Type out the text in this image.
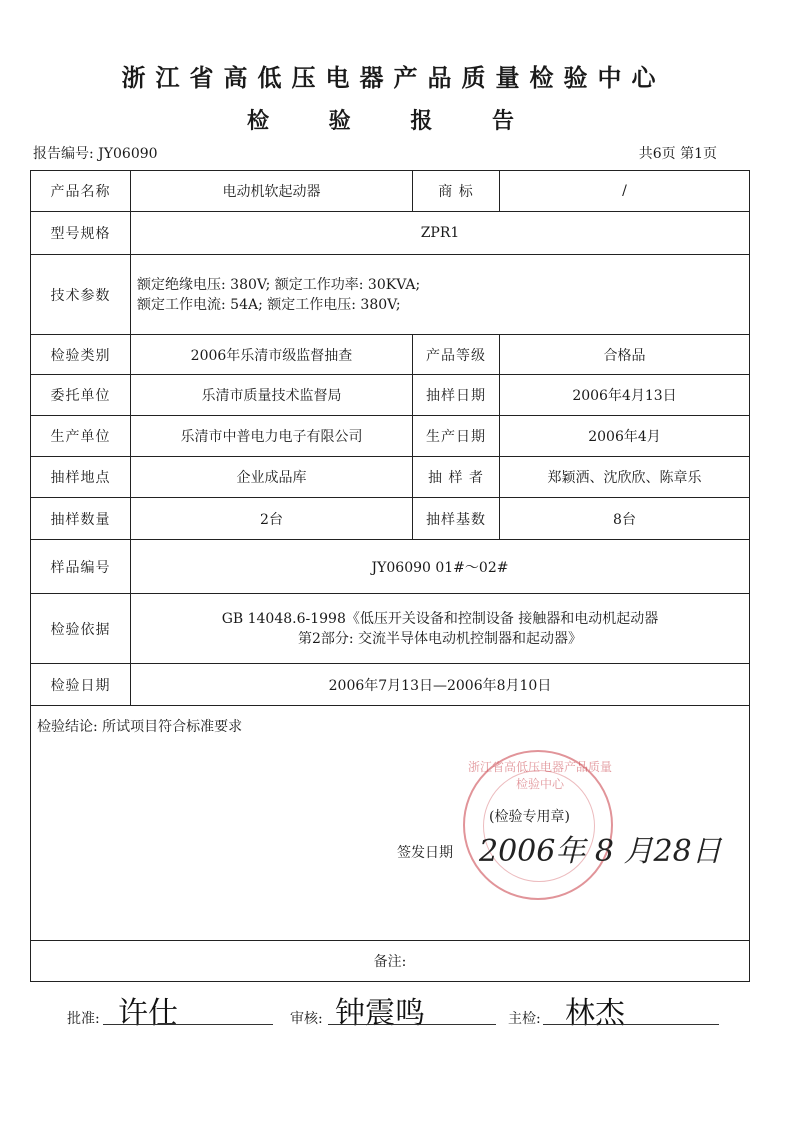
浙江省高低压电器产品质量检验中心
检 验 报 告
报告编号: JY06090	共6页 第1页
产品名称	电动机软起动器	商 标	/
型号规格	ZPR1		
技术参数	额定绝缘电压: 380V; 额定工作功率: 30KVA;
额定工作电流: 54A; 额定工作电压: 380V;		

检验类别	2006年乐清市级监督抽查	产品等级	合格品
委托单位	乐清市质量技术监督局	抽样日期	2006年4月13日
生产单位	乐清市中普电力电子有限公司	生产日期	2006年4月
抽样地点	企业成品库	抽 样 者	郑颖洒、沈欣欣、陈章乐
抽样数量	2台	抽样基数	8台
样品编号	JY06090 01#～02#		
检验依据	GB 14048.6-1998《低压开关设备和控制设备 接触器和电动机起动器
第2部分: 交流半导体电动机控制器和起动器》		

检验日期	2006年7月13日—2006年8月10日		

检验结论: 所试项目符合标准要求
浙江省高低压电器产品质量检验中心
(检验专用章)
签发日期 2006年 8 月28日			

备注:			
批准: 许仕	审核: 钟震鸣	主检: 林杰
